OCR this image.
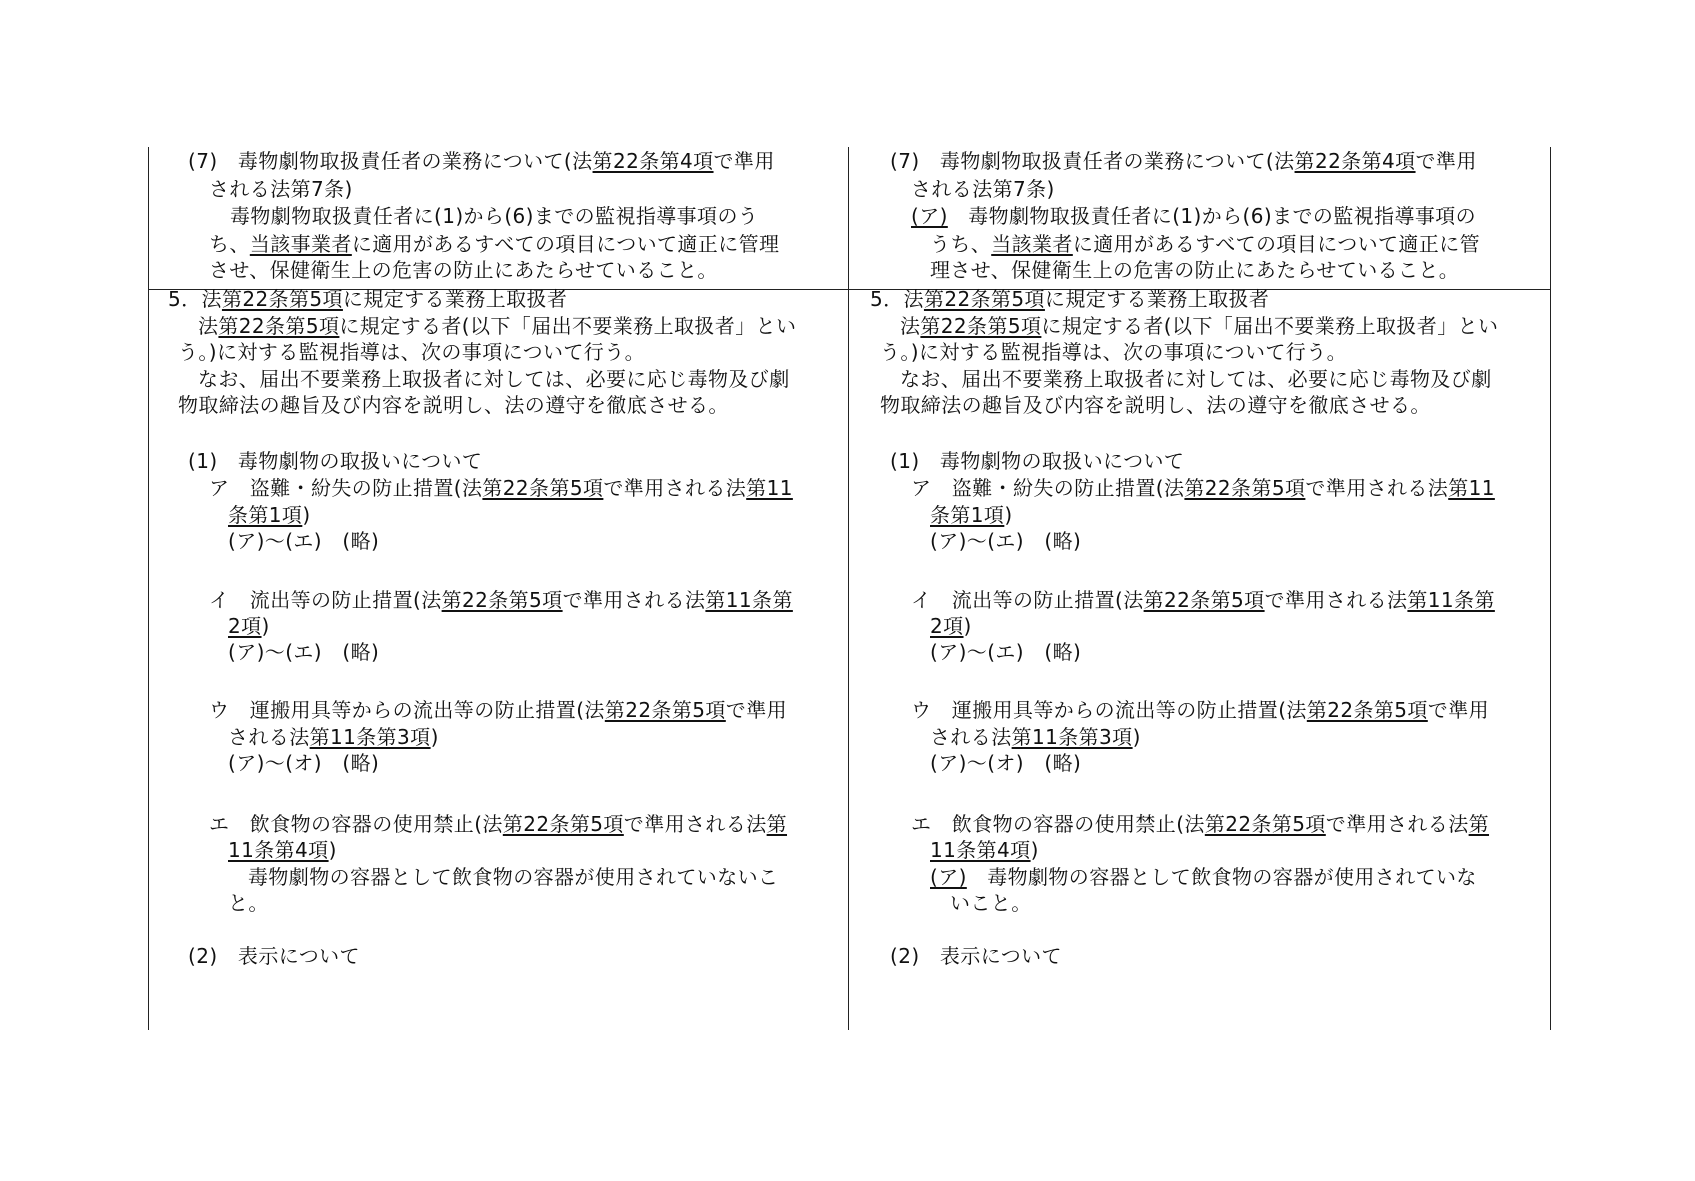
(7)　毒物劇物取扱責任者の業務について(法第22条第4項で準用
される法第7条)
毒物劇物取扱責任者に(1)から(6)までの監視指導事項のう
ち、当該事業者に適用があるすべての項目について適正に管理
させ、保健衛生上の危害の防止にあたらせていること。
5．法第22条第5項に規定する業務上取扱者
法第22条第5項に規定する者(以下「届出不要業務上取扱者」とい
う。)に対する監視指導は、次の事項について行う。
なお、届出不要業務上取扱者に対しては、必要に応じ毒物及び劇
物取締法の趣旨及び内容を説明し、法の遵守を徹底させる。
(1)　毒物劇物の取扱いについて
ア　盗難・紛失の防止措置(法第22条第5項で準用される法第11
条第1項)
(ア)～(エ)　(略)
イ　流出等の防止措置(法第22条第5項で準用される法第11条第
2項)
(ア)～(エ)　(略)
ウ　運搬用具等からの流出等の防止措置(法第22条第5項で準用
される法第11条第3項)
(ア)～(オ)　(略)
エ　飲食物の容器の使用禁止(法第22条第5項で準用される法第
11条第4項)
毒物劇物の容器として飲食物の容器が使用されていないこ
と。
(2)　表示について
(7)　毒物劇物取扱責任者の業務について(法第22条第4項で準用
される法第7条)
(ア)　毒物劇物取扱責任者に(1)から(6)までの監視指導事項の
うち、当該業者に適用があるすべての項目について適正に管
理させ、保健衛生上の危害の防止にあたらせていること。
5．法第22条第5項に規定する業務上取扱者
法第22条第5項に規定する者(以下「届出不要業務上取扱者」とい
う。)に対する監視指導は、次の事項について行う。
なお、届出不要業務上取扱者に対しては、必要に応じ毒物及び劇
物取締法の趣旨及び内容を説明し、法の遵守を徹底させる。
(1)　毒物劇物の取扱いについて
ア　盗難・紛失の防止措置(法第22条第5項で準用される法第11
条第1項)
(ア)～(エ)　(略)
イ　流出等の防止措置(法第22条第5項で準用される法第11条第
2項)
(ア)～(エ)　(略)
ウ　運搬用具等からの流出等の防止措置(法第22条第5項で準用
される法第11条第3項)
(ア)～(オ)　(略)
エ　飲食物の容器の使用禁止(法第22条第5項で準用される法第
11条第4項)
(ア)　毒物劇物の容器として飲食物の容器が使用されていな
いこと。
(2)　表示について
